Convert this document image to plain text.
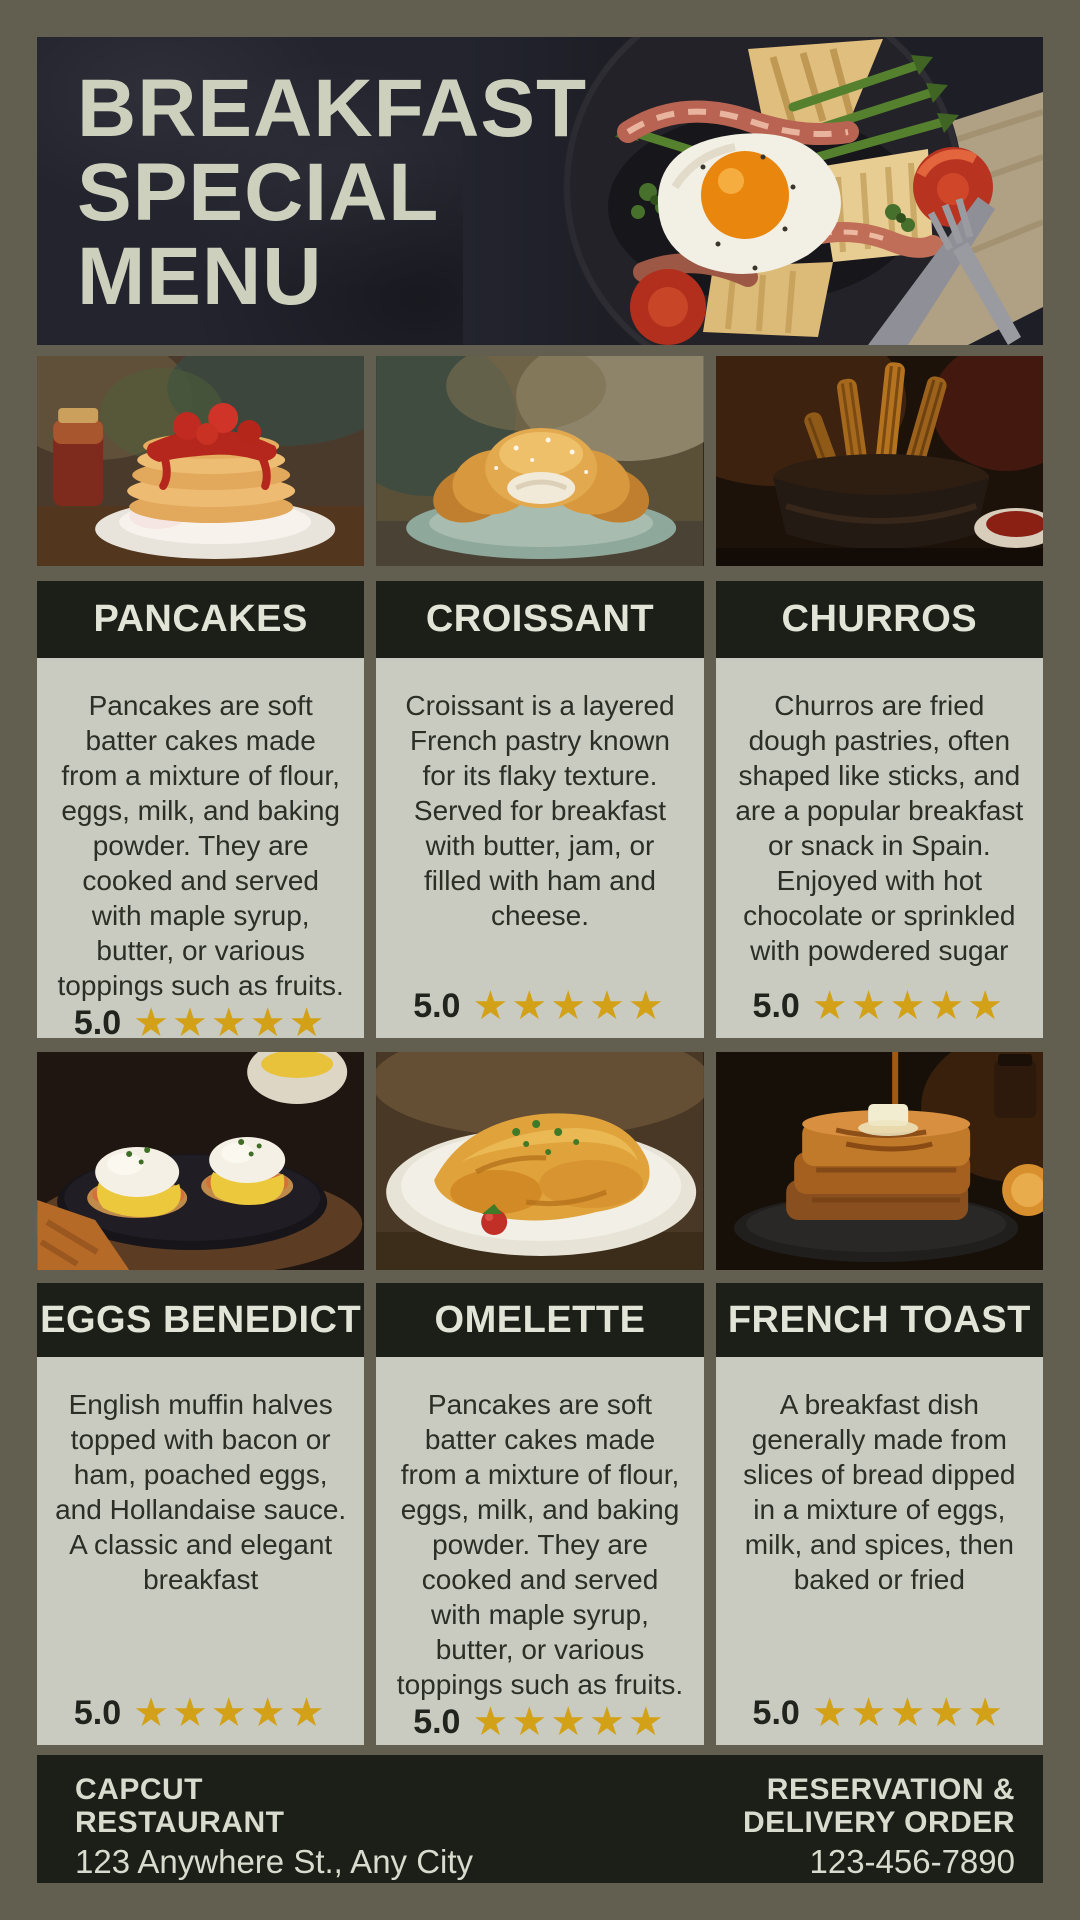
BREAKFAST
SPECIAL
MENU
PANCAKES	CROISSANT	CHURROS

Pancakes are soft batter cakes made from a mixture of flour, eggs, milk, and baking powder. They are cooked and served with maple syrup, butter, or various toppings such as fruits.

5.0 ★★★★★

Croissant is a layered French pastry known for its flaky texture. Served for breakfast with butter, jam, or filled with ham and cheese.

5.0 ★★★★★

Churros are fried dough pastries, often shaped like sticks, and are a popular breakfast or snack in Spain. Enjoyed with hot chocolate or sprinkled with powdered sugar

5.0 ★★★★★
EGGS BENEDICT	OMELETTE	FRENCH TOAST

English muffin halves topped with bacon or ham, poached eggs, and Hollandaise sauce. A classic and elegant breakfast

5.0 ★★★★★

Pancakes are soft batter cakes made from a mixture of flour, eggs, milk, and baking powder. They are cooked and served with maple syrup, butter, or various toppings such as fruits.

5.0 ★★★★★

A breakfast dish generally made from slices of bread dipped in a mixture of eggs, milk, and spices, then baked or fried

5.0 ★★★★★
CAPCUT
RESTAURANT
123 Anywhere St., Any City
RESERVATION &
DELIVERY ORDER
123-456-7890
